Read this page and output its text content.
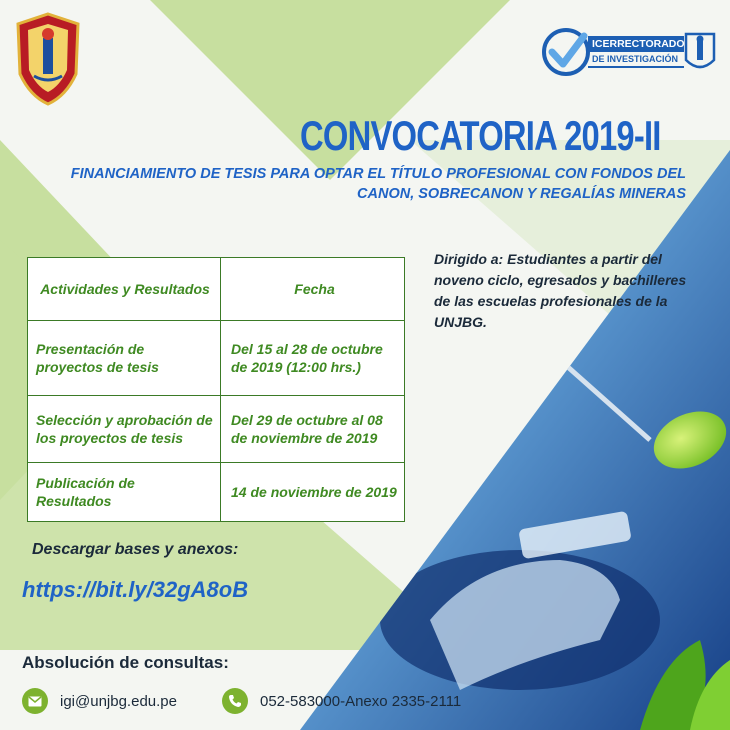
ICERRECTORADO
DE INVESTIGACIÓN
CONVOCATORIA 2019-II
FINANCIAMIENTO DE TESIS PARA OPTAR EL TÍTULO PROFESIONAL CON FONDOS DEL
CANON, SOBRECANON Y REGALÍAS MINERAS
Dirigido a: Estudiantes a partir del noveno ciclo, egresados y bachilleres de las escuelas profesionales de la UNJBG.
Actividades y Resultados	Fecha
Presentación de proyectos de tesis	Del 15 al 28 de octubre de 2019 (12:00 hrs.)
Selección y aprobación de los proyectos de tesis	Del 29 de octubre al 08 de noviembre de 2019
Publicación de Resultados	14 de noviembre de 2019
Descargar bases y anexos:
https://bit.ly/32gA8oB
Absolución de consultas:
igi@unjbg.edu.pe	052-583000-Anexo 2335-2111
